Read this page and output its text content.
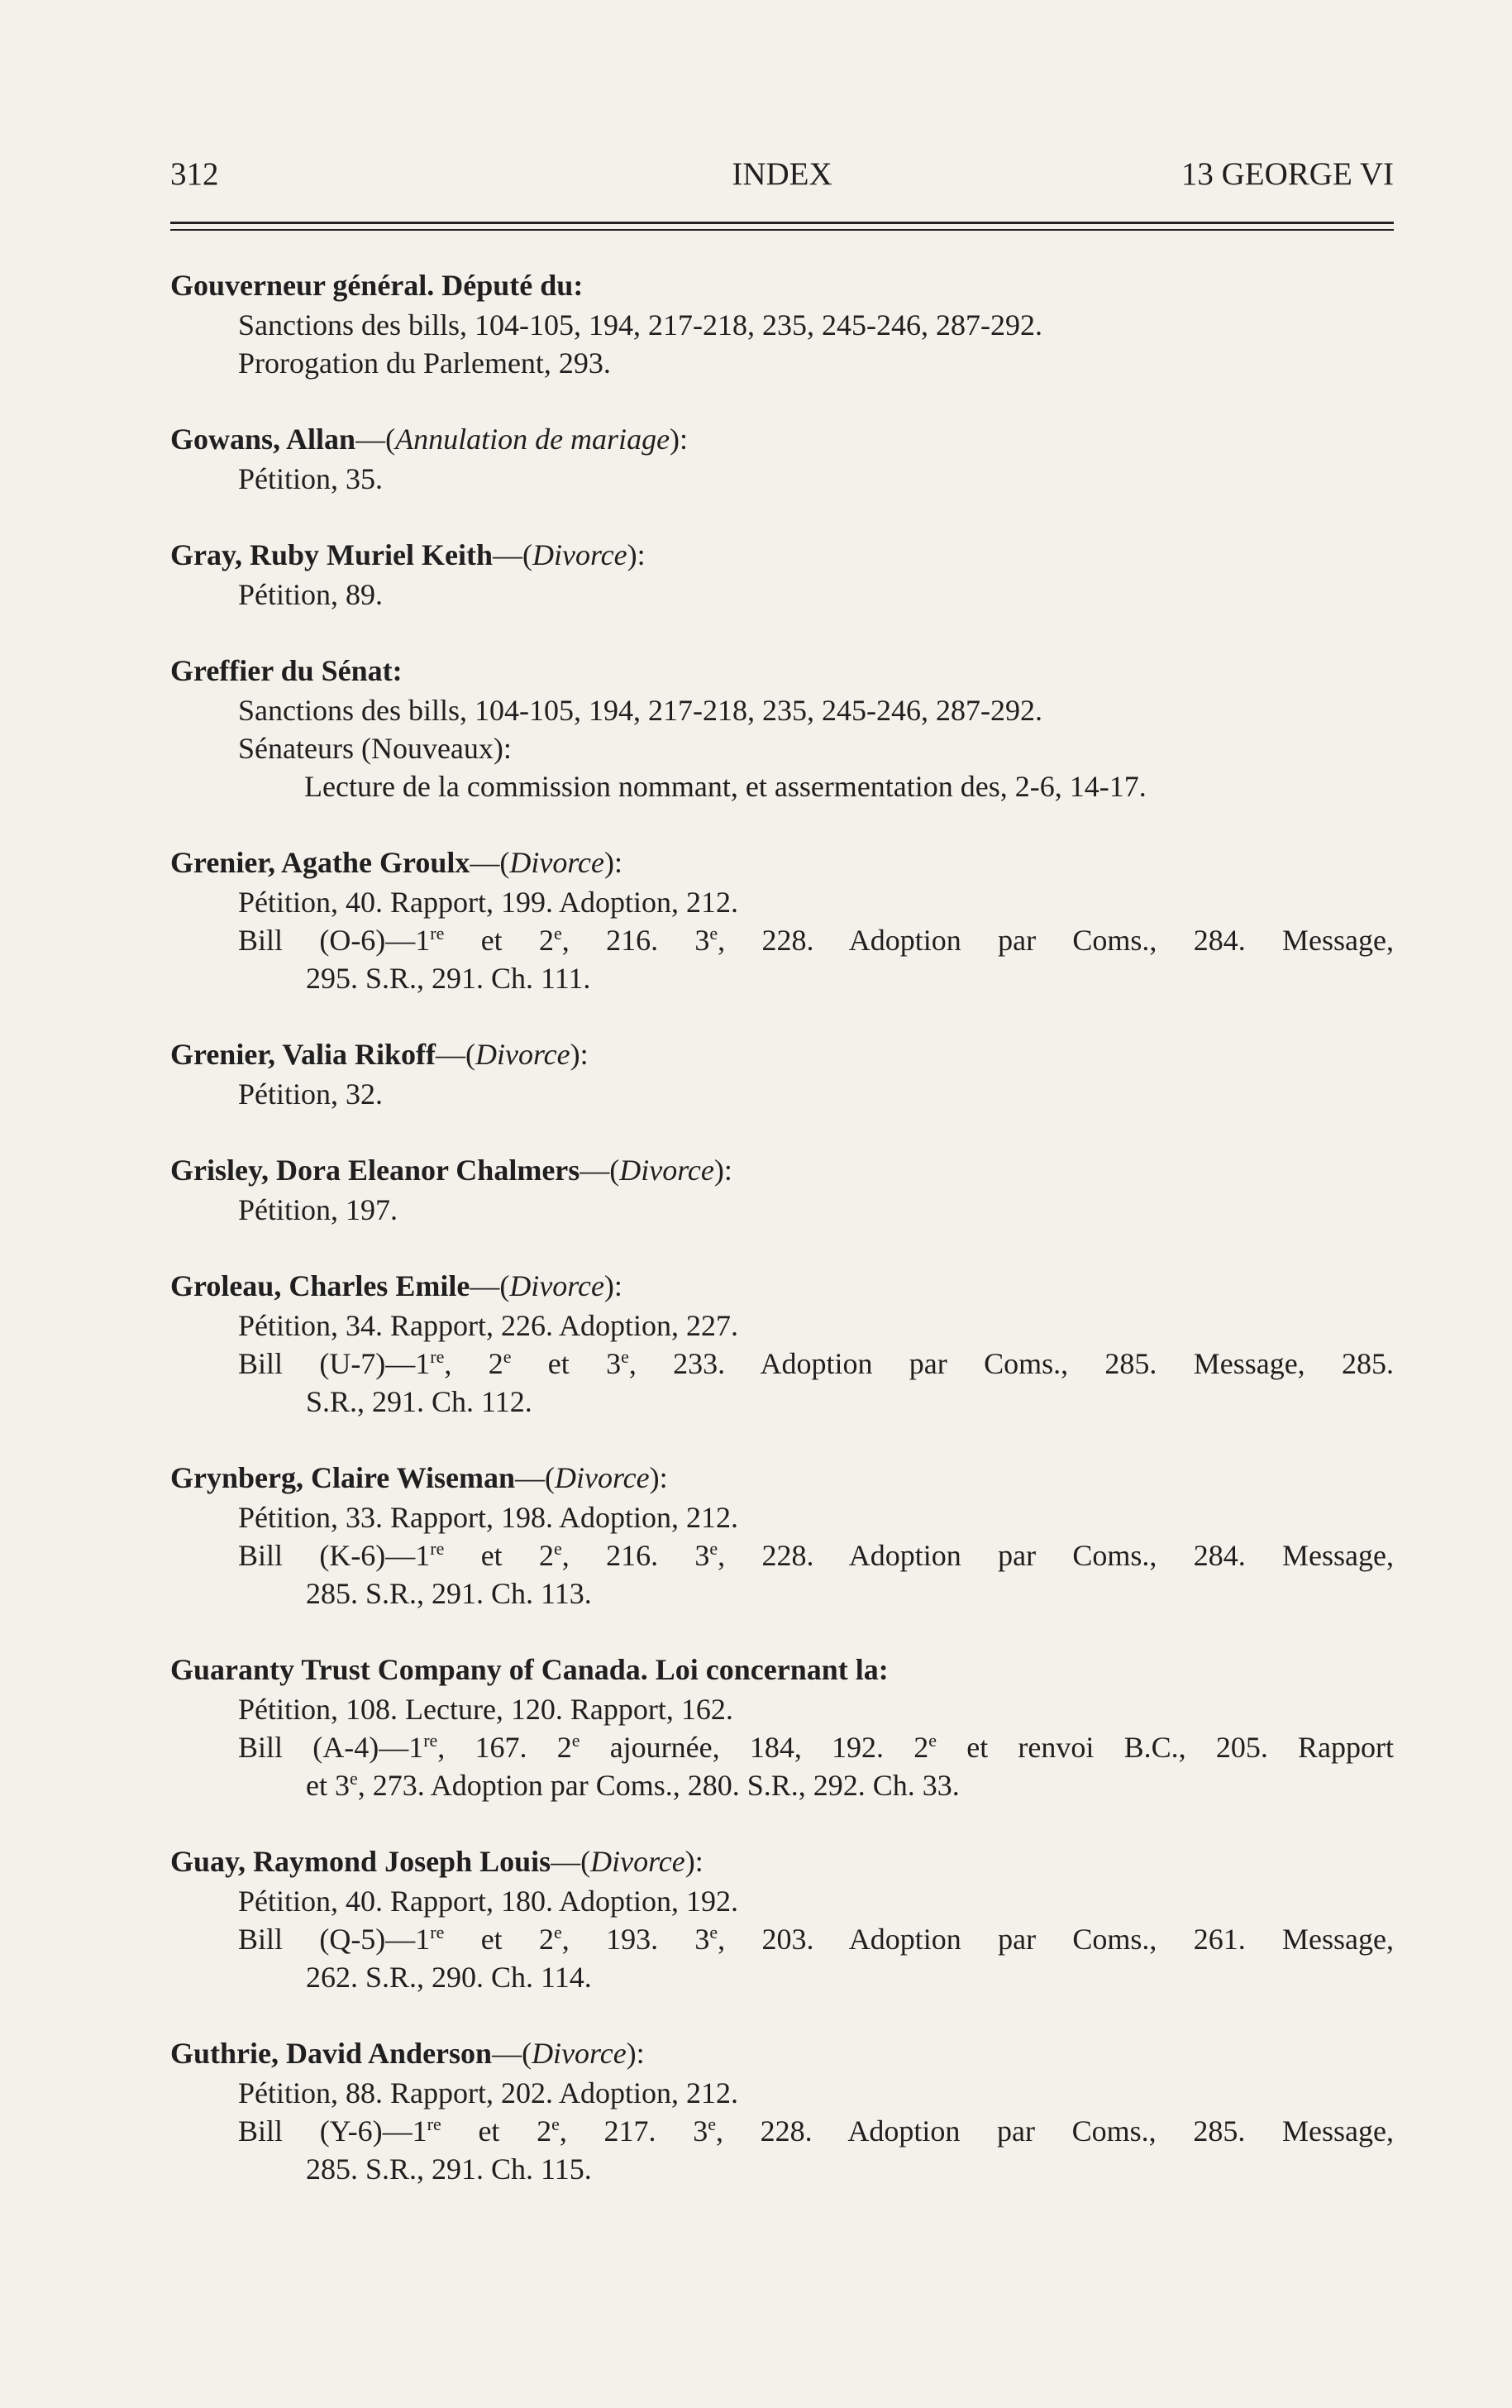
312	INDEX	13 GEORGE VI
Gouverneur général. Député du:
Sanctions des bills, 104-105, 194, 217-218, 235, 245-246, 287-292.
Prorogation du Parlement, 293.
Gowans, Allan—(Annulation de mariage):
Pétition, 35.
Gray, Ruby Muriel Keith—(Divorce):
Pétition, 89.
Greffier du Sénat:
Sanctions des bills, 104-105, 194, 217-218, 235, 245-246, 287-292.
Sénateurs (Nouveaux):
Lecture de la commission nommant, et assermentation des, 2-6, 14-17.
Grenier, Agathe Groulx—(Divorce):
Pétition, 40. Rapport, 199. Adoption, 212.
Bill (O-6)—1re et 2e, 216. 3e, 228. Adoption par Coms., 284. Message,
295. S.R., 291. Ch. 111.
Grenier, Valia Rikoff—(Divorce):
Pétition, 32.
Grisley, Dora Eleanor Chalmers—(Divorce):
Pétition, 197.
Groleau, Charles Emile—(Divorce):
Pétition, 34. Rapport, 226. Adoption, 227.
Bill (U-7)—1re, 2e et 3e, 233. Adoption par Coms., 285. Message, 285.
S.R., 291. Ch. 112.
Grynberg, Claire Wiseman—(Divorce):
Pétition, 33. Rapport, 198. Adoption, 212.
Bill (K-6)—1re et 2e, 216. 3e, 228. Adoption par Coms., 284. Message,
285. S.R., 291. Ch. 113.
Guaranty Trust Company of Canada. Loi concernant la:
Pétition, 108. Lecture, 120. Rapport, 162.
Bill (A-4)—1re, 167. 2e ajournée, 184, 192. 2e et renvoi B.C., 205. Rapport
et 3e, 273. Adoption par Coms., 280. S.R., 292. Ch. 33.
Guay, Raymond Joseph Louis—(Divorce):
Pétition, 40. Rapport, 180. Adoption, 192.
Bill (Q-5)—1re et 2e, 193. 3e, 203. Adoption par Coms., 261. Message,
262. S.R., 290. Ch. 114.
Guthrie, David Anderson—(Divorce):
Pétition, 88. Rapport, 202. Adoption, 212.
Bill (Y-6)—1re et 2e, 217. 3e, 228. Adoption par Coms., 285. Message,
285. S.R., 291. Ch. 115.
